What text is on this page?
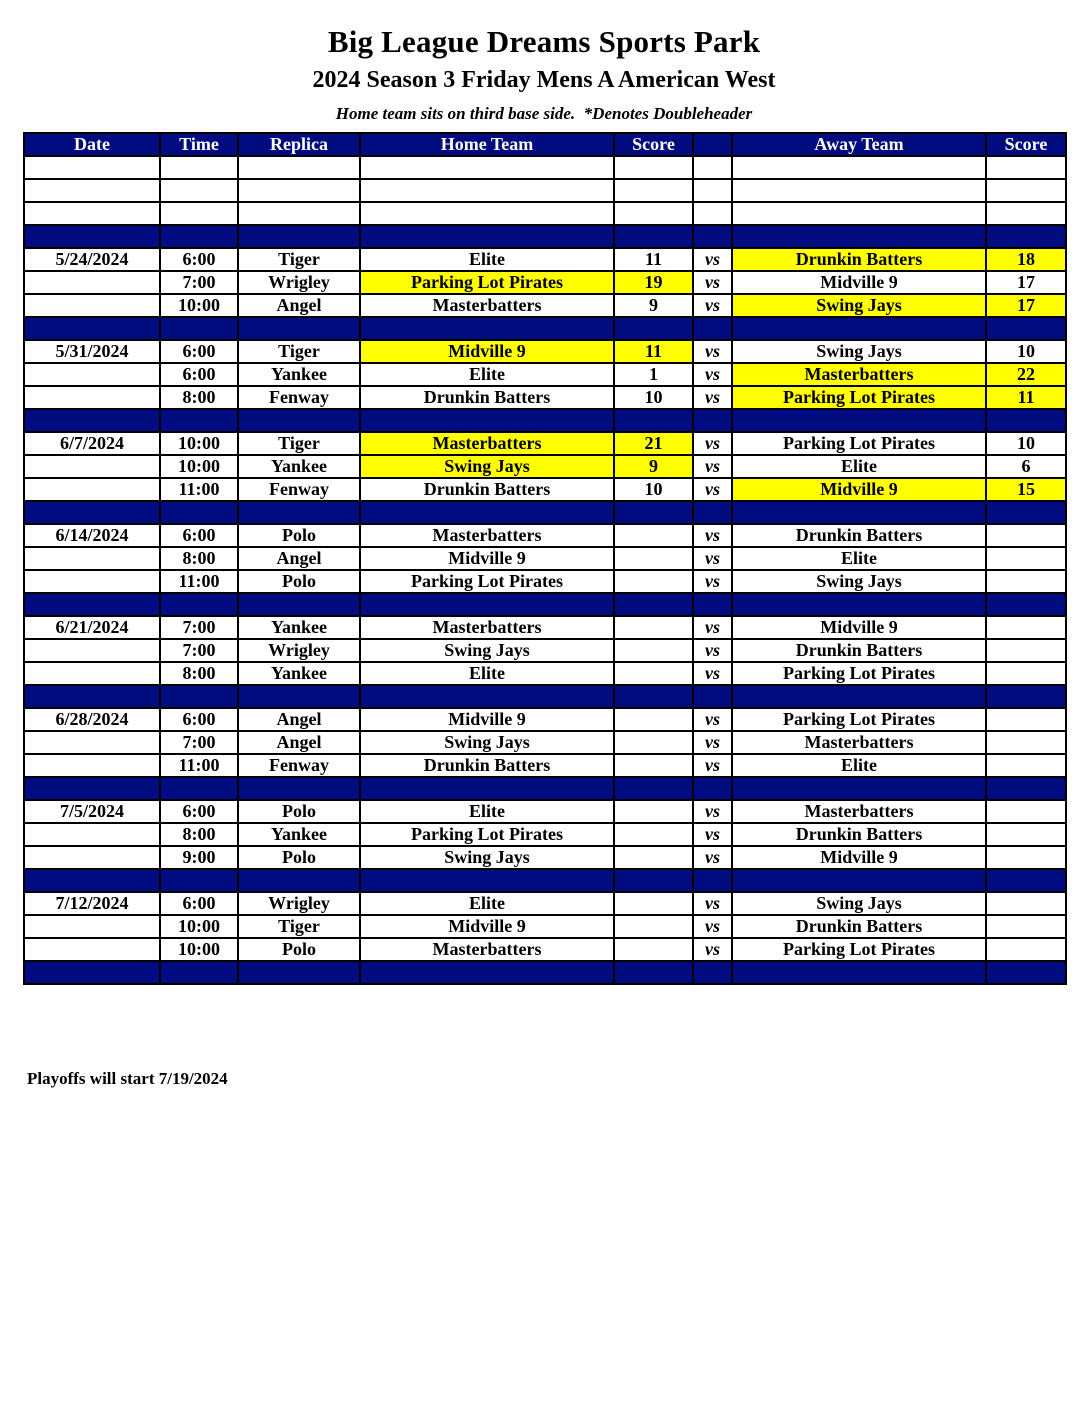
Big League Dreams Sports Park
2024 Season 3 Friday Mens A American West
Home team sits on third base side.  *Denotes Doubleheader
Date	Time	Replica	Home Team	Score		Away Team	Score

5/24/2024	6:00	Tiger	Elite	11	vs	Drunkin Batters	18
	7:00	Wrigley	Parking Lot Pirates	19	vs	Midville 9	17
	10:00	Angel	Masterbatters	9	vs	Swing Jays	17

5/31/2024	6:00	Tiger	Midville 9	11	vs	Swing Jays	10
	6:00	Yankee	Elite	1	vs	Masterbatters	22
	8:00	Fenway	Drunkin Batters	10	vs	Parking Lot Pirates	11

6/7/2024	10:00	Tiger	Masterbatters	21	vs	Parking Lot Pirates	10
	10:00	Yankee	Swing Jays	9	vs	Elite	6
	11:00	Fenway	Drunkin Batters	10	vs	Midville 9	15

6/14/2024	6:00	Polo	Masterbatters		vs	Drunkin Batters	
	8:00	Angel	Midville 9		vs	Elite	
	11:00	Polo	Parking Lot Pirates		vs	Swing Jays	

6/21/2024	7:00	Yankee	Masterbatters		vs	Midville 9	
	7:00	Wrigley	Swing Jays		vs	Drunkin Batters	
	8:00	Yankee	Elite		vs	Parking Lot Pirates	

6/28/2024	6:00	Angel	Midville 9		vs	Parking Lot Pirates	
	7:00	Angel	Swing Jays		vs	Masterbatters	
	11:00	Fenway	Drunkin Batters		vs	Elite	

7/5/2024	6:00	Polo	Elite		vs	Masterbatters	
	8:00	Yankee	Parking Lot Pirates		vs	Drunkin Batters	
	9:00	Polo	Swing Jays		vs	Midville 9	

7/12/2024	6:00	Wrigley	Elite		vs	Swing Jays	
	10:00	Tiger	Midville 9		vs	Drunkin Batters	
	10:00	Polo	Masterbatters		vs	Parking Lot Pirates	

Playoffs will start 7/19/2024
